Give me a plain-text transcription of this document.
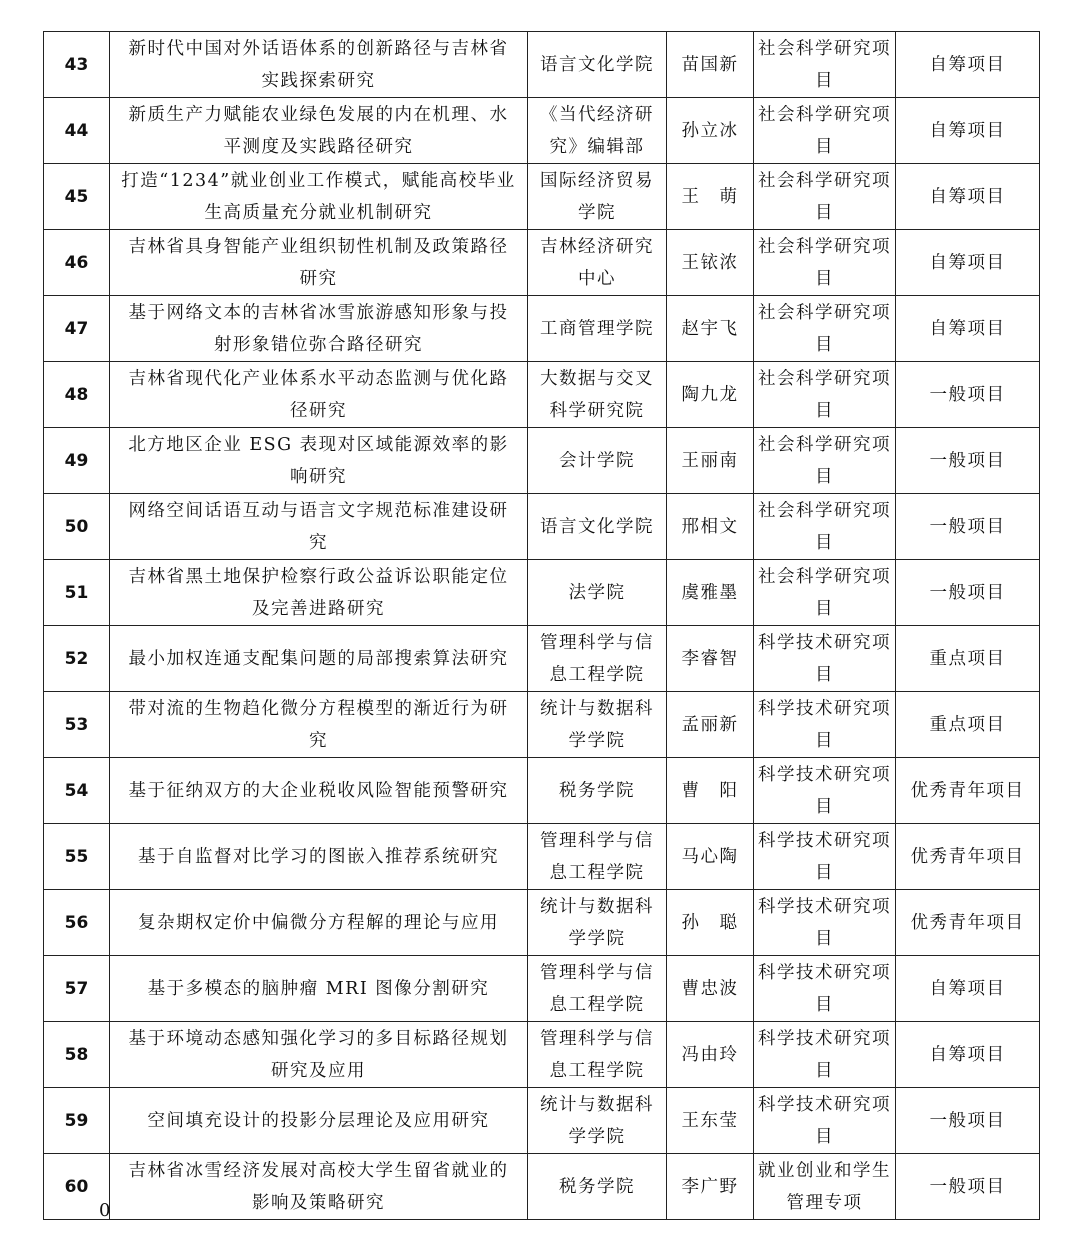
43	新时代中国对外话语体系的创新路径与吉林省实践探索研究	语言文化学院	苗国新	社会科学研究项目	自筹项目
44	新质生产力赋能农业绿色发展的内在机理、水平测度及实践路径研究	《当代经济研究》编辑部	孙立冰	社会科学研究项目	自筹项目
45	打造“1234”就业创业工作模式，赋能高校毕业生高质量充分就业机制研究	国际经济贸易学院	王　萌	社会科学研究项目	自筹项目
46	吉林省具身智能产业组织韧性机制及政策路径研究	吉林经济研究中心	王铱浓	社会科学研究项目	自筹项目
47	基于网络文本的吉林省冰雪旅游感知形象与投射形象错位弥合路径研究	工商管理学院	赵宇飞	社会科学研究项目	自筹项目
48	吉林省现代化产业体系水平动态监测与优化路径研究	大数据与交叉科学研究院	陶九龙	社会科学研究项目	一般项目
49	北方地区企业 ESG 表现对区域能源效率的影响研究	会计学院	王丽南	社会科学研究项目	一般项目
50	网络空间话语互动与语言文字规范标准建设研究	语言文化学院	邢相文	社会科学研究项目	一般项目
51	吉林省黑土地保护检察行政公益诉讼职能定位及完善进路研究	法学院	虞雅墨	社会科学研究项目	一般项目
52	最小加权连通支配集问题的局部搜索算法研究	管理科学与信息工程学院	李睿智	科学技术研究项目	重点项目
53	带对流的生物趋化微分方程模型的渐近行为研究	统计与数据科学学院	孟丽新	科学技术研究项目	重点项目
54	基于征纳双方的大企业税收风险智能预警研究	税务学院	曹　阳	科学技术研究项目	优秀青年项目
55	基于自监督对比学习的图嵌入推荐系统研究	管理科学与信息工程学院	马心陶	科学技术研究项目	优秀青年项目
56	复杂期权定价中偏微分方程解的理论与应用	统计与数据科学学院	孙　聪	科学技术研究项目	优秀青年项目
57	基于多模态的脑肿瘤 MRI 图像分割研究	管理科学与信息工程学院	曹忠波	科学技术研究项目	自筹项目
58	基于环境动态感知强化学习的多目标路径规划研究及应用	管理科学与信息工程学院	冯由玲	科学技术研究项目	自筹项目
59	空间填充设计的投影分层理论及应用研究	统计与数据科学学院	王东莹	科学技术研究项目	一般项目
60	吉林省冰雪经济发展对高校大学生留省就业的影响及策略研究	税务学院	李广野	就业创业和学生管理专项	一般项目
0
